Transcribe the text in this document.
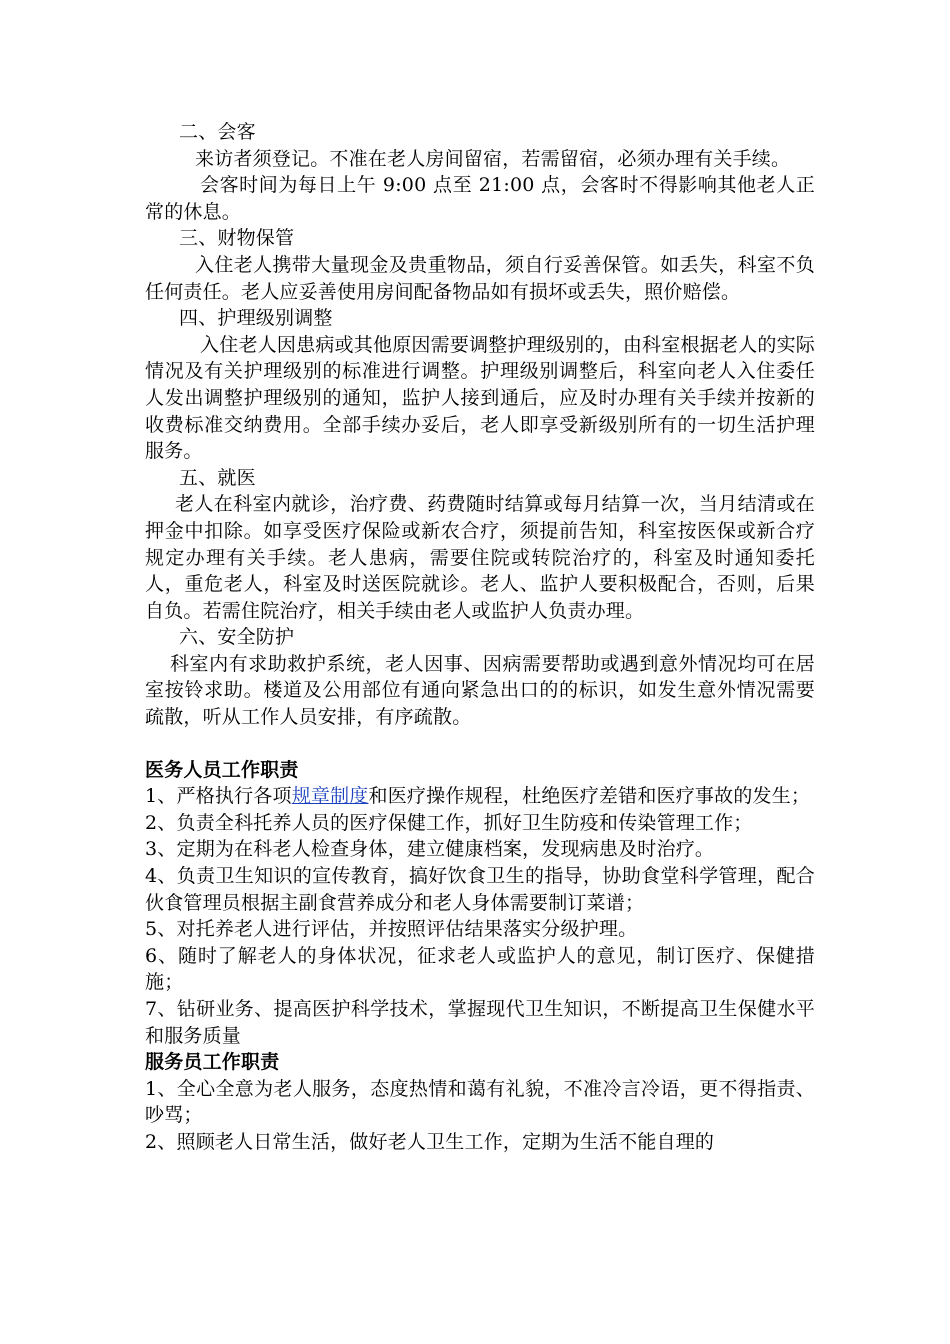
二、会客

来访者须登记。不准在老人房间留宿，若需留宿，必须办理有关手续。

会客时间为每日上午 9:00 点至 21:00 点，会客时不得影响其他老人正常的休息。

三、财物保管

入住老人携带大量现金及贵重物品，须自行妥善保管。如丢失，科室不负任何责任。老人应妥善使用房间配备物品如有损坏或丢失，照价赔偿。

四、护理级别调整

入住老人因患病或其他原因需要调整护理级别的，由科室根据老人的实际情况及有关护理级别的标准进行调整。护理级别调整后，科室向老人入住委任人发出调整护理级别的通知，监护人接到通后，应及时办理有关手续并按新的收费标准交纳费用。全部手续办妥后，老人即享受新级别所有的一切生活护理服务。

五、就医

老人在科室内就诊，治疗费、药费随时结算或每月结算一次，当月结清或在押金中扣除。如享受医疗保险或新农合疗，须提前告知，科室按医保或新合疗规定办理有关手续。老人患病，需要住院或转院治疗的，科室及时通知委托人，重危老人，科室及时送医院就诊。老人、监护人要积极配合，否则，后果自负。若需住院治疗，相关手续由老人或监护人负责办理。

六、安全防护

科室内有求助救护系统，老人因事、因病需要帮助或遇到意外情况均可在居室按铃求助。楼道及公用部位有通向紧急出口的的标识，如发生意外情况需要疏散，听从工作人员安排，有序疏散。

医务人员工作职责

1、严格执行各项规章制度和医疗操作规程，杜绝医疗差错和医疗事故的发生；

2、负责全科托养人员的医疗保健工作，抓好卫生防疫和传染管理工作；

3、定期为在科老人检查身体，建立健康档案，发现病患及时治疗。

4、负责卫生知识的宣传教育，搞好饮食卫生的指导，协助食堂科学管理，配合伙食管理员根据主副食营养成分和老人身体需要制订菜谱；

5、对托养老人进行评估，并按照评估结果落实分级护理。

6、随时了解老人的身体状况，征求老人或监护人的意见，制订医疗、保健措施；

7、钻研业务、提高医护科学技术，掌握现代卫生知识，不断提高卫生保健水平和服务质量

服务员工作职责

1、全心全意为老人服务，态度热情和蔼有礼貌，不准冷言冷语，更不得指责、吵骂；

2、照顾老人日常生活，做好老人卫生工作，定期为生活不能自理的
